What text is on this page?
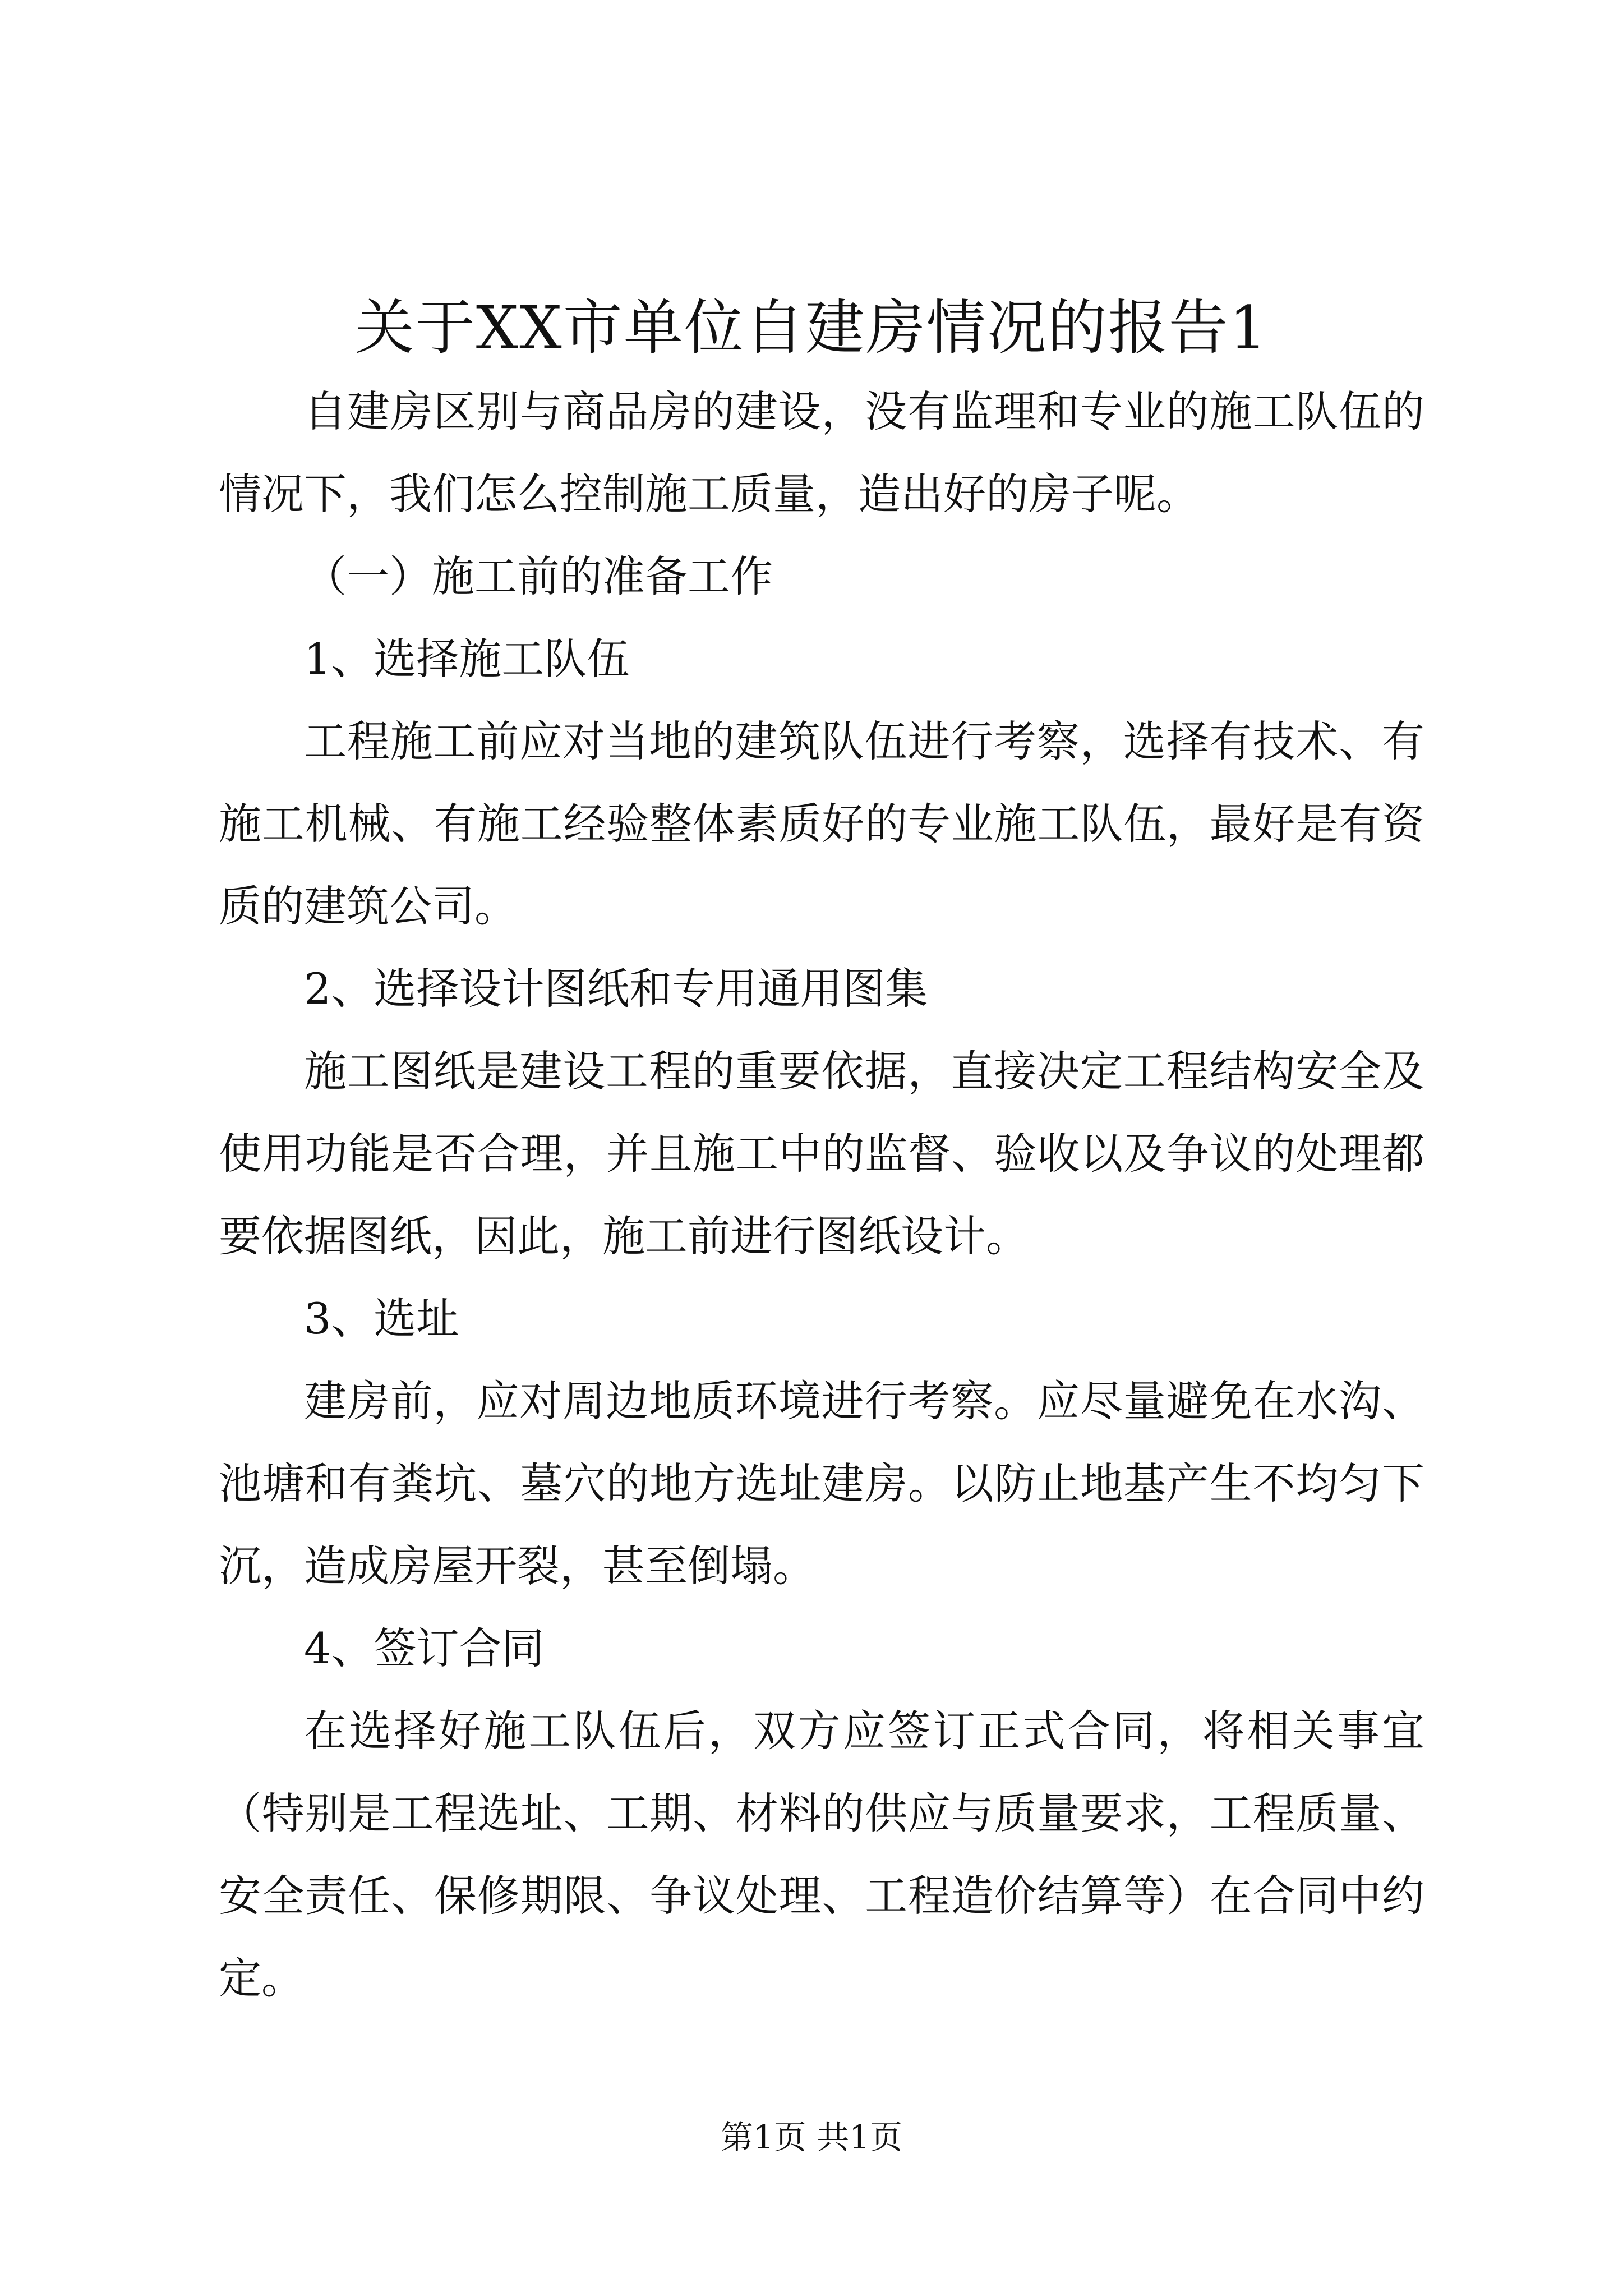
关于XX市单位自建房情况的报告1

自建房区别与商品房的建设，没有监理和专业的施工队伍的情况下，我们怎么控制施工质量，造出好的房子呢。

（一）施工前的准备工作

1、选择施工队伍

工程施工前应对当地的建筑队伍进行考察，选择有技术、有施工机械、有施工经验整体素质好的专业施工队伍，最好是有资质的建筑公司。

2、选择设计图纸和专用通用图集

施工图纸是建设工程的重要依据，直接决定工程结构安全及使用功能是否合理，并且施工中的监督、验收以及争议的处理都要依据图纸，因此，施工前进行图纸设计。

3、选址

建房前，应对周边地质环境进行考察。应尽量避免在水沟、池塘和有粪坑、墓穴的地方选址建房。以防止地基产生不均匀下沉，造成房屋开裂，甚至倒塌。

4、签订合同

在选择好施工队伍后，双方应签订正式合同，将相关事宜（特别是工程选址、工期、材料的供应与质量要求，工程质量、安全责任、保修期限、争议处理、工程造价结算等）在合同中约定。

第1页 共1页
